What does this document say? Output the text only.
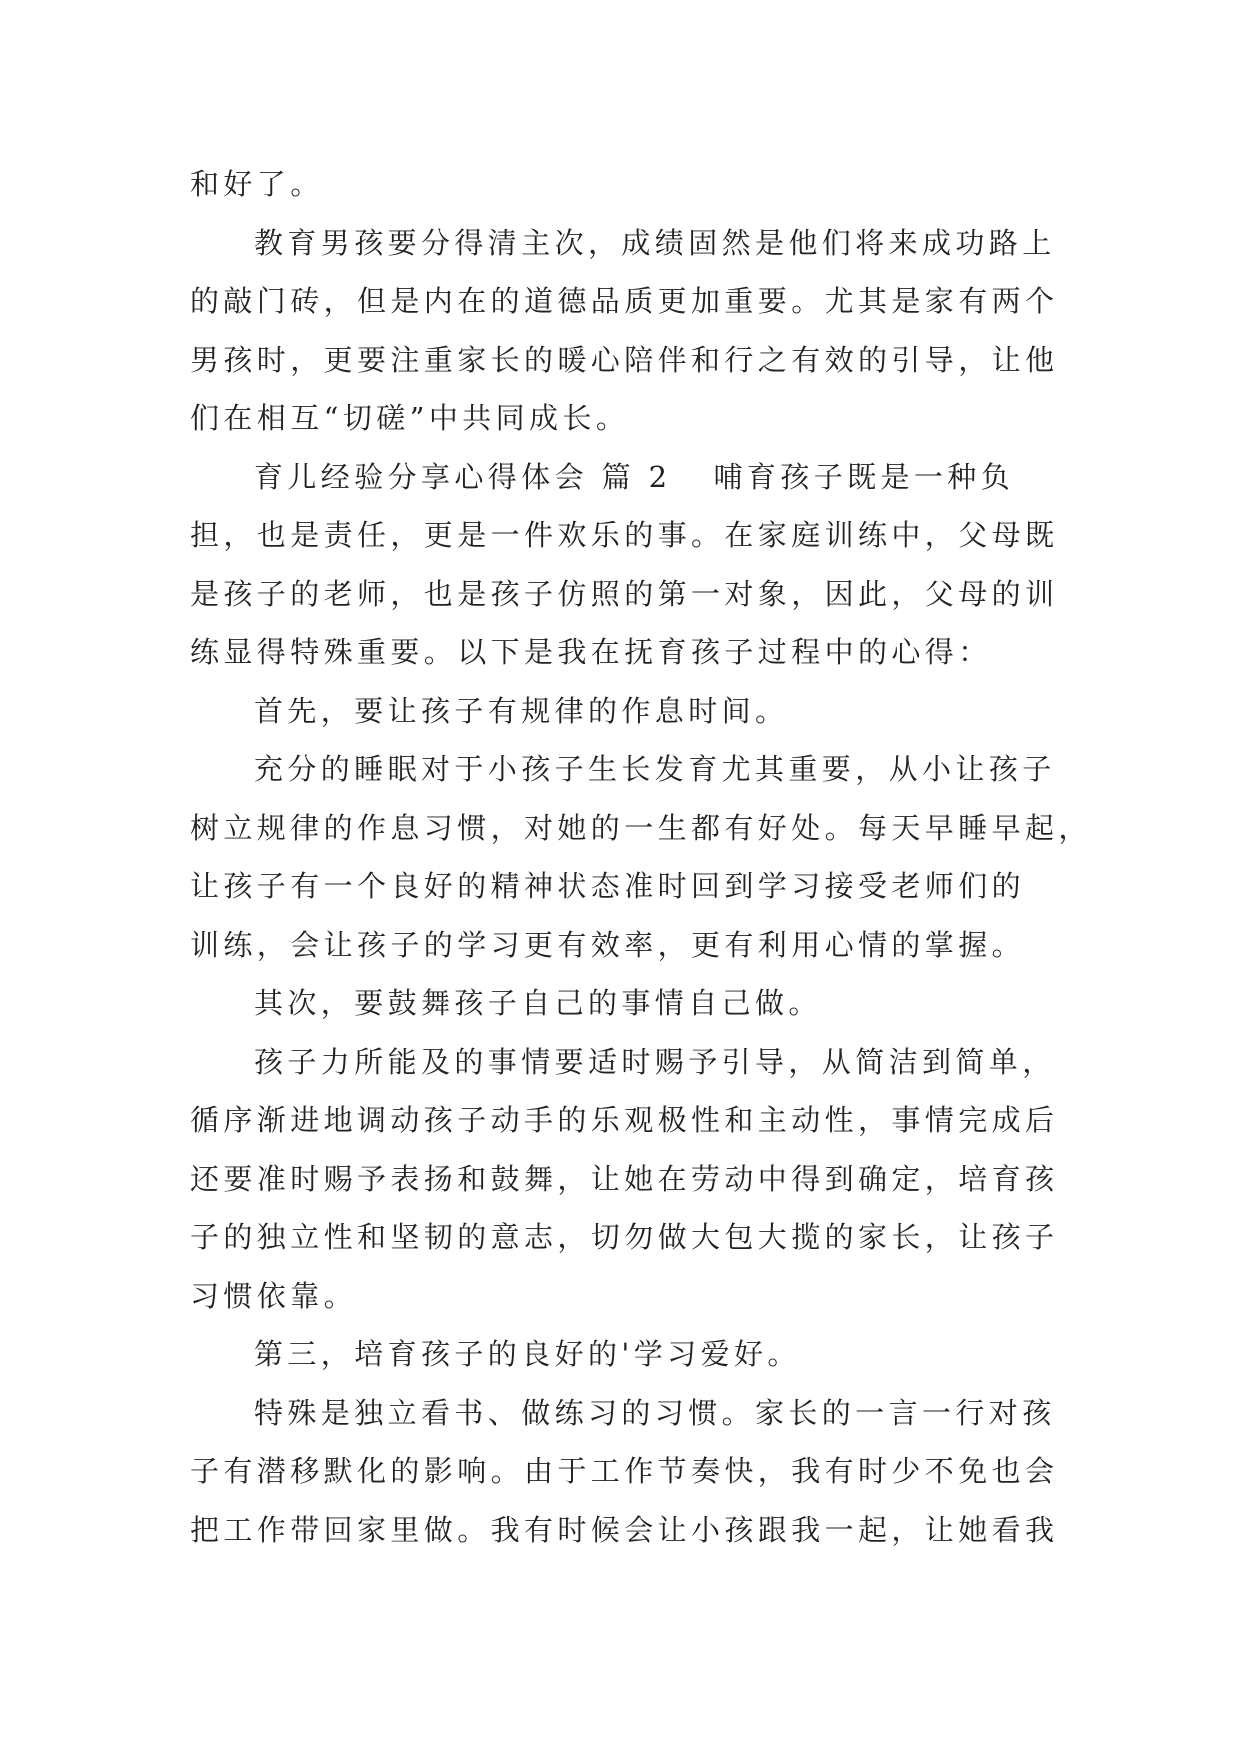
和好了。
教育男孩要分得清主次，成绩固然是他们将来成功路上
的敲门砖，但是内在的道德品质更加重要。尤其是家有两个
男孩时，更要注重家长的暖心陪伴和行之有效的引导，让他
们在相互“切磋”中共同成长。
育儿经验分享心得体会 篇 2 哺育孩子既是一种负
担，也是责任，更是一件欢乐的事。在家庭训练中，父母既
是孩子的老师，也是孩子仿照的第一对象，因此，父母的训
练显得特殊重要。以下是我在抚育孩子过程中的心得：
首先，要让孩子有规律的作息时间。
充分的睡眠对于小孩子生长发育尤其重要，从小让孩子
树立规律的作息习惯，对她的一生都有好处。每天早睡早起，
让孩子有一个良好的精神状态准时回到学习接受老师们的
训练，会让孩子的学习更有效率，更有利用心情的掌握。
其次，要鼓舞孩子自己的事情自己做。
孩子力所能及的事情要适时赐予引导，从简洁到简单，
循序渐进地调动孩子动手的乐观极性和主动性，事情完成后
还要准时赐予表扬和鼓舞，让她在劳动中得到确定，培育孩
子的独立性和坚韧的意志，切勿做大包大揽的家长，让孩子
习惯依靠。
第三，培育孩子的良好的'学习爱好。
特殊是独立看书、做练习的习惯。家长的一言一行对孩
子有潜移默化的影响。由于工作节奏快，我有时少不免也会
把工作带回家里做。我有时候会让小孩跟我一起，让她看我
